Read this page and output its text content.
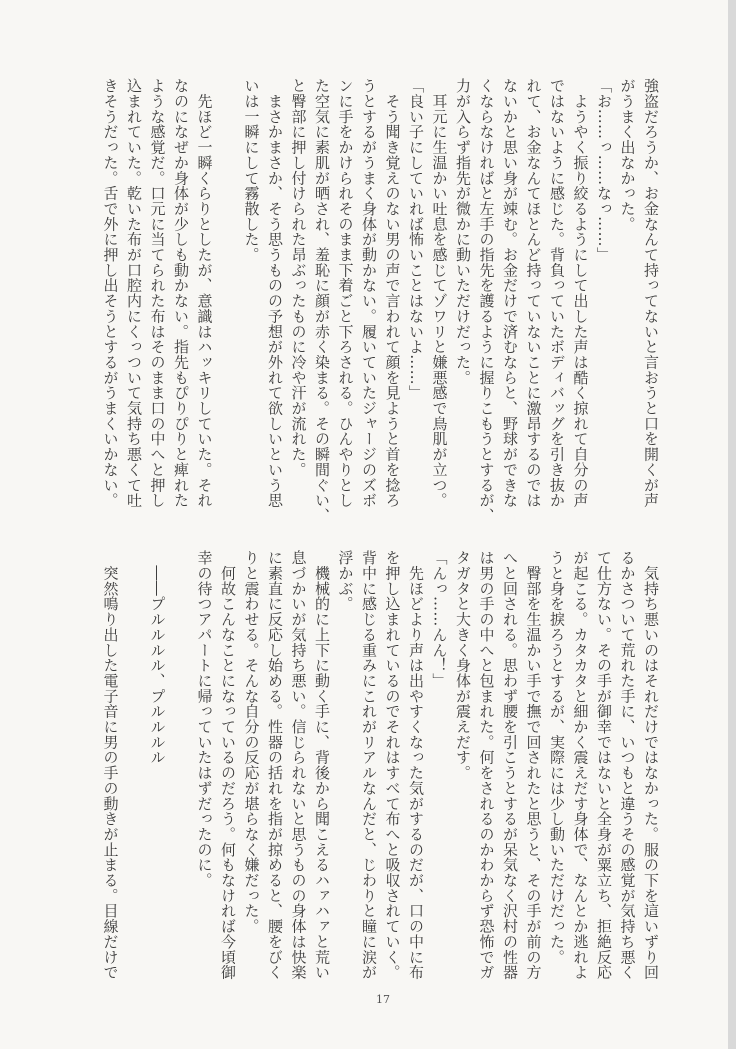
強盗だろうか、お金なんて持ってないと言おうと口を開くが声
がうまく出なかった。
「お……っ……なっ……」
　ようやく振り絞るようにして出した声は酷く掠れて自分の声
ではないように感じた。背負っていたボディバッグを引き抜か
れて、お金なんてほとんど持っていないことに激昂するのでは
ないかと思い身が竦む。お金だけで済むならと、野球ができな
くならなければと左手の指先を護るように握りこもうとするが、
力が入らず指先が微かに動いただけだった。
　耳元に生温かい吐息を感じてゾワリと嫌悪感で鳥肌が立つ。
「良い子にしていれば怖いことはないよ……」
　そう聞き覚えのない男の声で言われて顔を見ようと首を捻ろ
うとするがうまく身体が動かない。履いていたジャージのズボ
ンに手をかけられそのまま下着ごと下ろされる。ひんやりとし
た空気に素肌が晒され、羞恥に顔が赤く染まる。その瞬間ぐい、
と臀部に押し付けられた昂ぶったものに冷や汗が流れた。
　まさかまさか、そう思うものの予想が外れて欲しいという思
いは一瞬にして霧散した。
　先ほど一瞬くらりとしたが、意識はハッキリしていた。それ
なのになぜか身体が少しも動かない。指先もぴりぴりと痺れた
ような感覚だ。口元に当てられた布はそのまま口の中へと押し
込まれていた。乾いた布が口腔内にくっついて気持ち悪くて吐
きそうだった。舌で外に押し出そうとするがうまくいかない。
　気持ち悪いのはそれだけではなかった。服の下を這いずり回
るかさついて荒れた手に、いつもと違うその感覚が気持ち悪く
て仕方ない。その手が御幸ではないと全身が粟立ち、拒絶反応
が起こる。カタカタと細かく震えだす身体で、なんとか逃れよ
うと身を捩ろうとするが、実際には少し動いただけだった。
　臀部を生温かい手で撫で回されたと思うと、その手が前の方
へと回される。思わず腰を引こうとするが呆気なく沢村の性器
は男の手の中へと包まれた。何をされるのかわからず恐怖でガ
タガタと大きく身体が震えだす。
「んっ……んん！」
　先ほどより声は出やすくなった気がするのだが、口の中に布
を押し込まれているのでそれはすべて布へと吸収されていく。
背中に感じる重みにこれがリアルなんだと、じわりと瞳に涙が
浮かぶ。
　機械的に上下に動く手に、背後から聞こえるハァハァと荒い
息づかいが気持ち悪い。信じられないと思うものの身体は快楽
に素直に反応し始める。性器の括れを指が掠めると、腰をびく
りと震わせる。そんな自分の反応が堪らなく嫌だった。
　何故こんなことになっているのだろう。何もなければ今頃御
幸の待つアパートに帰っていたはずだったのに。
　――プルルルル、プルルルル
　突然鳴り出した電子音に男の手の動きが止まる。目線だけで
17
